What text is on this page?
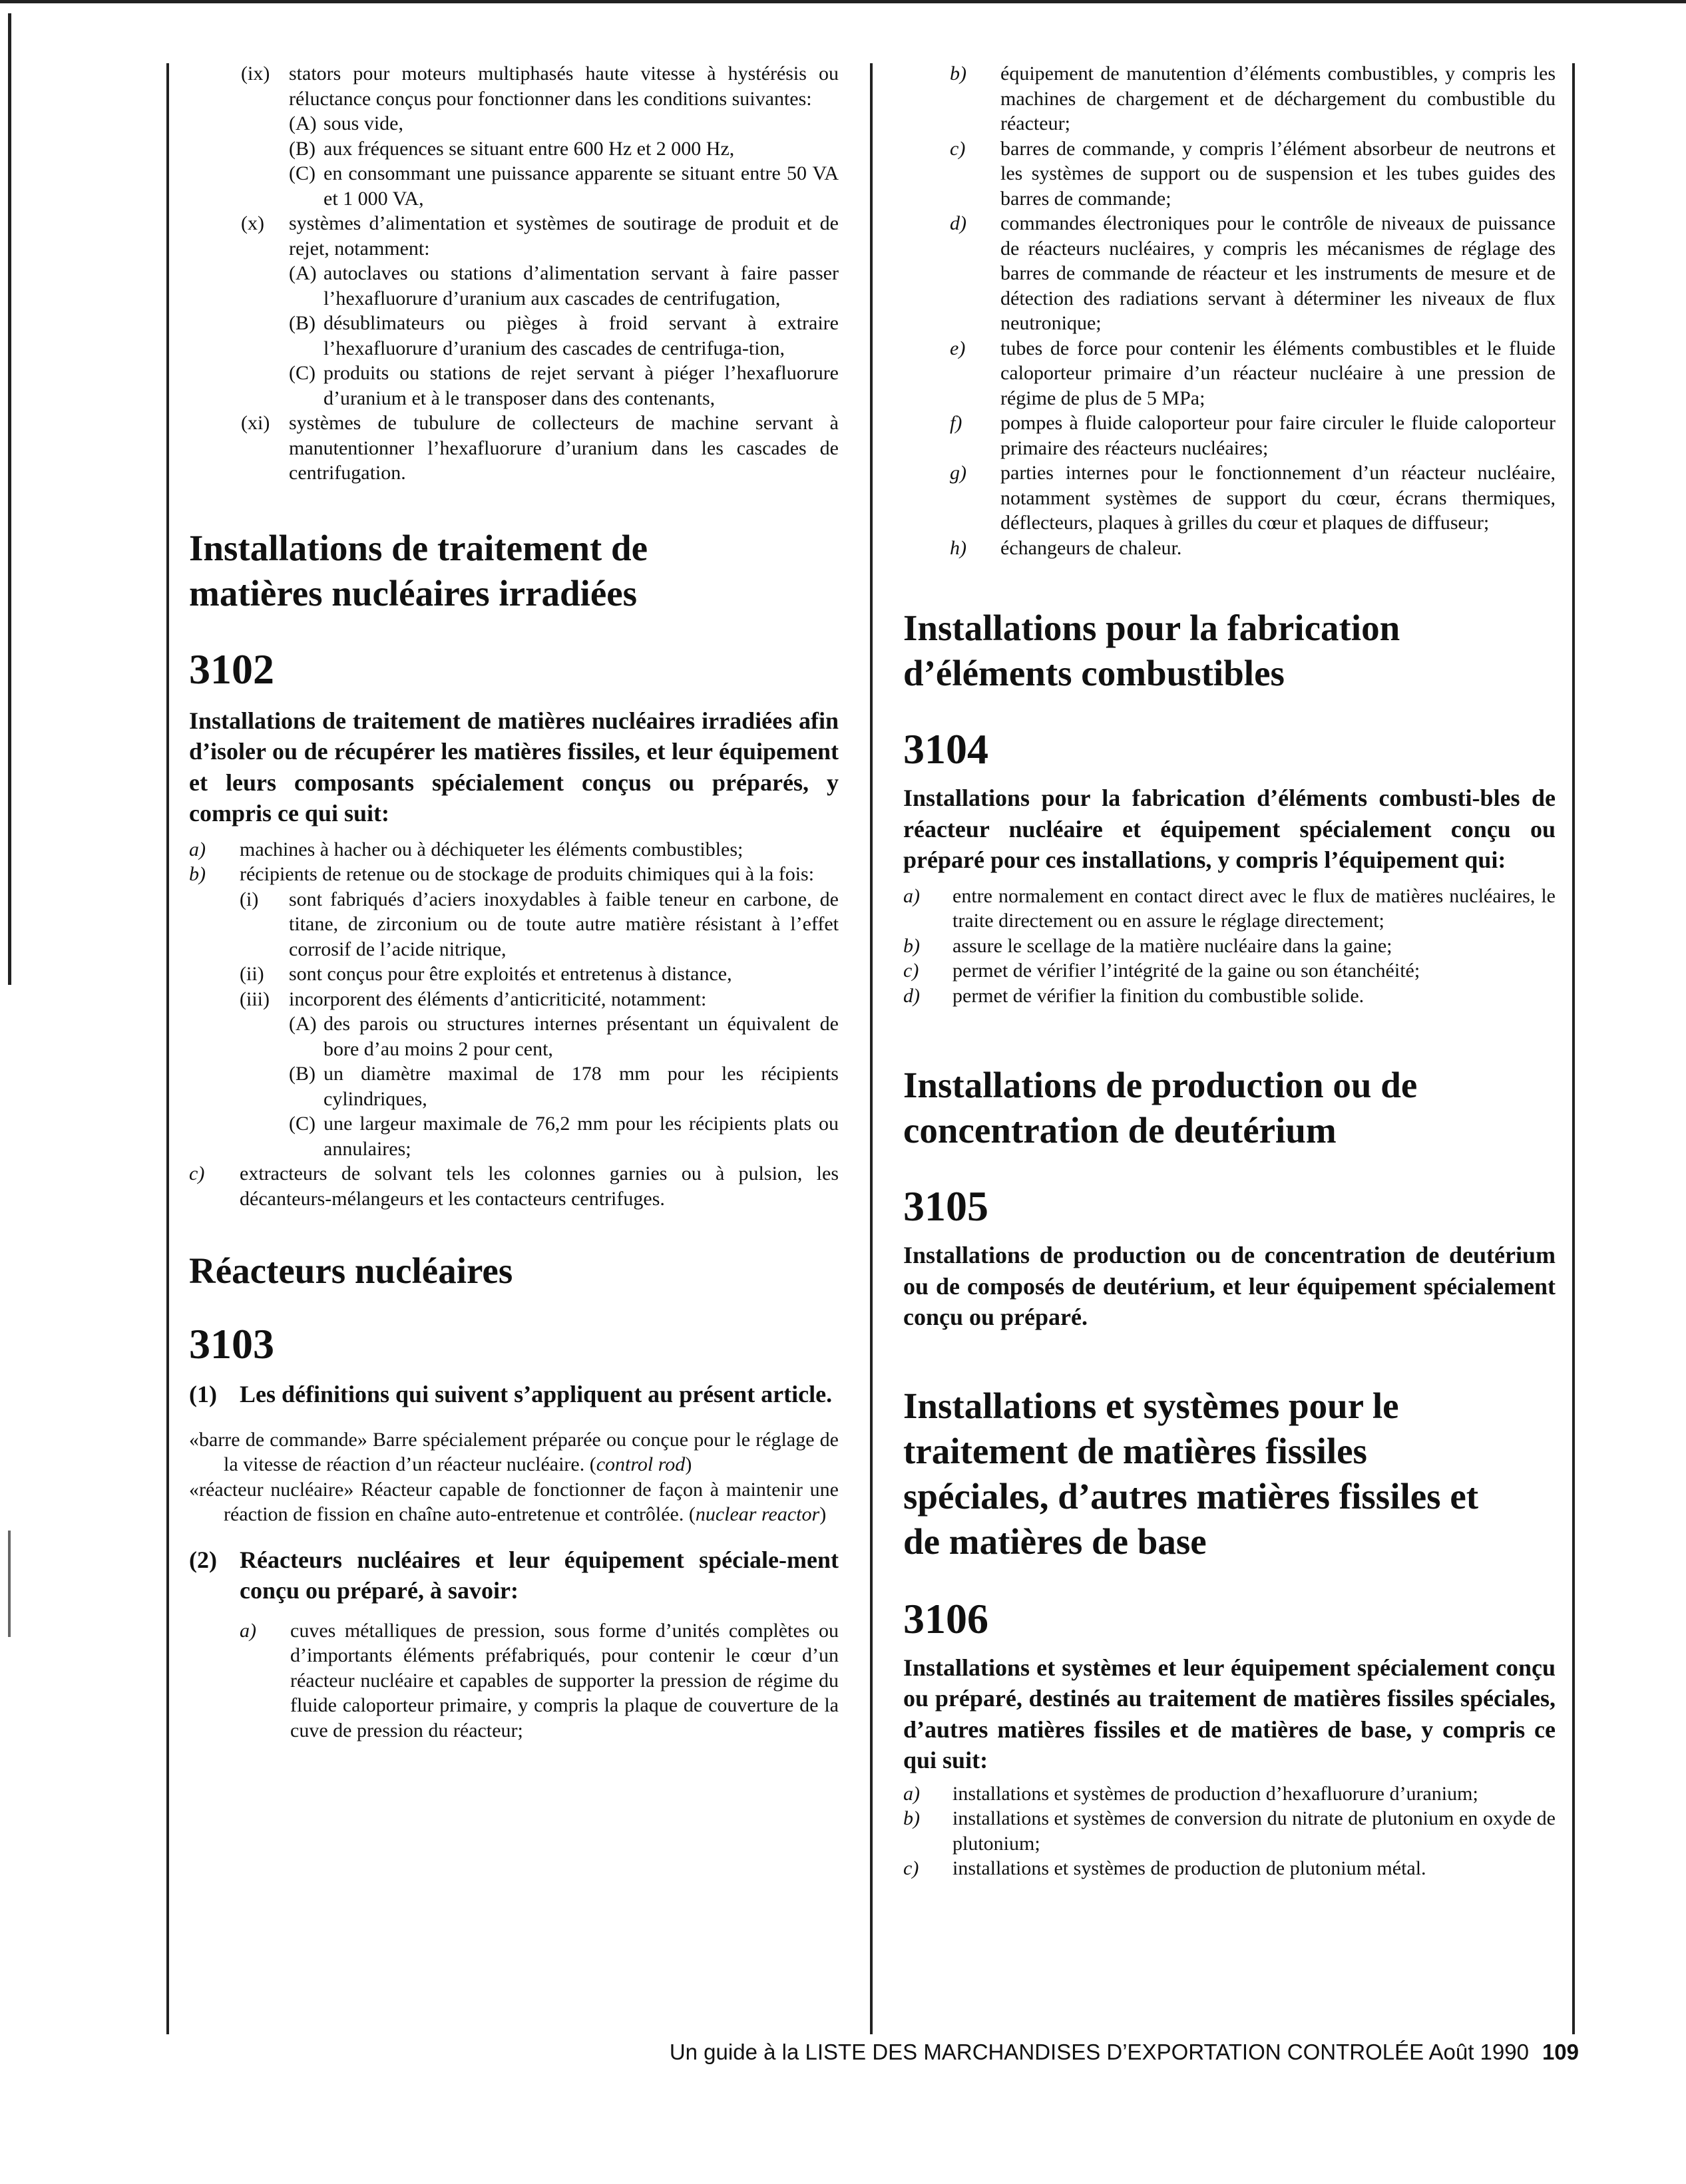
(ix) stators pour moteurs multiphasés haute vitesse à hystérésis ou réluctance conçus pour fonctionner dans les conditions suivantes:
(A) sous vide,
(B) aux fréquences se situant entre 600 Hz et 2 000 Hz,
(C) en consommant une puissance apparente se situant entre 50 VA et 1 000 VA,
(x)	systèmes d’alimentation et systèmes de soutirage de produit et de rejet, notamment:
(A) autoclaves ou stations d’alimentation servant à faire passer l’hexafluorure d’uranium aux cascades de centrifugation,
(B) désublimateurs ou pièges à froid servant à extraire l’hexafluorure d’uranium des cascades de centrifuga-tion,
(C) produits ou stations de rejet servant à piéger l’hexafluorure d’uranium et à le transposer dans des contenants,
(xi) systèmes de tubulure de collecteurs de machine servant à manutentionner l’hexafluorure d’uranium dans les cascades de centrifugation.
Installations de traitement de matières nucléaires irradiées
3102
Installations de traitement de matières nucléaires irradiées afin d’isoler ou de récupérer les matières fissiles, et leur équipement et leurs composants spécialement conçus ou préparés, y compris ce qui suit:
a)	machines à hacher ou à déchiqueter les éléments combustibles;
b)	récipients de retenue ou de stockage de produits chimiques qui à la fois:
(i)	sont fabriqués d’aciers inoxydables à faible teneur en carbone, de titane, de zirconium ou de toute autre matière résistant à l’effet corrosif de l’acide nitrique,
(ii)	sont conçus pour être exploités et entretenus à distance,
(iii) incorporent des éléments d’anticriticité, notamment:
(A) des parois ou structures internes présentant un équivalent de bore d’au moins 2 pour cent,
(B) un diamètre maximal de 178 mm pour les récipients cylindriques,
(C) une largeur maximale de 76,2 mm pour les récipients plats ou annulaires;
c)	extracteurs de solvant tels les colonnes garnies ou à pulsion, les décanteurs-mélangeurs et les contacteurs centrifuges.
Réacteurs nucléaires
3103
(1) Les définitions qui suivent s’appliquent au présent article.
«barre de commande» Barre spécialement préparée ou conçue pour le réglage de la vitesse de réaction d’un réacteur nucléaire. (control rod)
«réacteur nucléaire» Réacteur capable de fonctionner de façon à maintenir une réaction de fission en chaîne auto-entretenue et contrôlée. (nuclear reactor)
(2) Réacteurs nucléaires et leur équipement spéciale-ment conçu ou préparé, à savoir:
a)	cuves métalliques de pression, sous forme d’unités complètes ou d’importants éléments préfabriqués, pour contenir le cœur d’un réacteur nucléaire et capables de supporter la pression de régime du fluide caloporteur primaire, y compris la plaque de couverture de la cuve de pression du réacteur;
b)	équipement de manutention d’éléments combustibles, y compris les machines de chargement et de déchargement du combustible du réacteur;
c)	barres de commande, y compris l’élément absorbeur de neutrons et les systèmes de support ou de suspension et les tubes guides des barres de commande;
d)	commandes électroniques pour le contrôle de niveaux de puissance de réacteurs nucléaires, y compris les mécanismes de réglage des barres de commande de réacteur et les instruments de mesure et de détection des radiations servant à déterminer les niveaux de flux neutronique;
e)	tubes de force pour contenir les éléments combustibles et le fluide caloporteur primaire d’un réacteur nucléaire à une pression de régime de plus de 5 MPa;
f)	pompes à fluide caloporteur pour faire circuler le fluide caloporteur primaire des réacteurs nucléaires;
g)	parties internes pour le fonctionnement d’un réacteur nucléaire, notamment systèmes de support du cœur, écrans thermiques, déflecteurs, plaques à grilles du cœur et plaques de diffuseur;
h)	échangeurs de chaleur.
Installations pour la fabrication d’éléments combustibles
3104
Installations pour la fabrication d’éléments combusti-bles de réacteur nucléaire et équipement spécialement conçu ou préparé pour ces installations, y compris l’équipement qui:
a)	entre normalement en contact direct avec le flux de matières nucléaires, le traite directement ou en assure le réglage directement;
b)	assure le scellage de la matière nucléaire dans la gaine;
c)	permet de vérifier l’intégrité de la gaine ou son étanchéité;
d)	permet de vérifier la finition du combustible solide.
Installations de production ou de concentration de deutérium
3105
Installations de production ou de concentration de deutérium ou de composés de deutérium, et leur équipement spécialement conçu ou préparé.
Installations et systèmes pour le traitement de matières fissiles spéciales, d’autres matières fissiles et de matières de base
3106
Installations et systèmes et leur équipement spécialement conçu ou préparé, destinés au traitement de matières fissiles spéciales, d’autres matières fissiles et de matières de base, y compris ce qui suit:
a)	installations et systèmes de production d’hexafluorure d’uranium;
b)	installations et systèmes de conversion du nitrate de plutonium en oxyde de plutonium;
c)	installations et systèmes de production de plutonium métal.
Un guide à la LISTE DES MARCHANDISES D’EXPORTATION CONTROLÉE Août 1990 109
